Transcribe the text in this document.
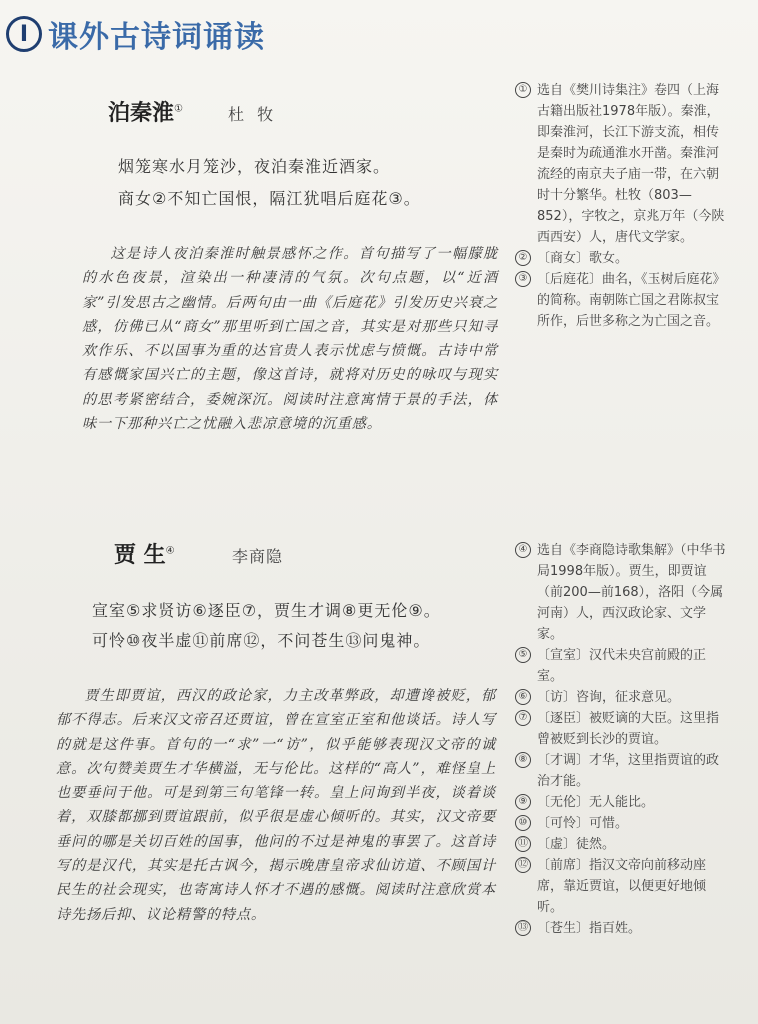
I 课外古诗词诵读
泊秦淮①	杜 牧
烟笼寒水月笼沙，夜泊秦淮近酒家。
商女②不知亡国恨，隔江犹唱后庭花③。
这是诗人夜泊秦淮时触景感怀之作。首句描写了一幅朦胧的水色夜景，渲染出一种凄清的气氛。次句点题，以“近酒家”引发思古之幽情。后两句由一曲《后庭花》引发历史兴衰之感，仿佛已从“商女”那里听到亡国之音，其实是对那些只知寻欢作乐、不以国事为重的达官贵人表示忧虑与愤慨。古诗中常有感慨家国兴亡的主题，像这首诗，就将对历史的咏叹与现实的思考紧密结合，委婉深沉。阅读时注意寓情于景的手法，体味一下那种兴亡之忧融入悲凉意境的沉重感。
① 选自《樊川诗集注》卷四（上海古籍出版社1978年版）。秦淮，即秦淮河，长江下游支流，相传是秦时为疏通淮水开凿。秦淮河流经的南京夫子庙一带，在六朝时十分繁华。杜牧（803—852），字牧之，京兆万年（今陕西西安）人，唐代文学家。
② 〔商女〕歌女。
③ 〔后庭花〕曲名，《玉树后庭花》的简称。南朝陈亡国之君陈叔宝所作，后世多称之为亡国之音。
贾 生④	李商隐
宣室⑤求贤访⑥逐臣⑦，贾生才调⑧更无伦⑨。
可怜⑩夜半虚⑪前席⑫，不问苍生⑬问鬼神。
贾生即贾谊，西汉的政论家，力主改革弊政，却遭谗被贬，郁郁不得志。后来汉文帝召还贾谊，曾在宣室正室和他谈话。诗人写的就是这件事。首句的一“求”一“访”，似乎能够表现汉文帝的诚意。次句赞美贾生才华横溢，无与伦比。这样的“高人”，难怪皇上也要垂问于他。可是到第三句笔锋一转。皇上问询到半夜，谈着谈着，双膝都挪到贾谊跟前，似乎很是虚心倾听的。其实，汉文帝要垂问的哪是关切百姓的国事，他问的不过是神鬼的事罢了。这首诗写的是汉代，其实是托古讽今，揭示晚唐皇帝求仙访道、不顾国计民生的社会现实，也寄寓诗人怀才不遇的感慨。阅读时注意欣赏本诗先扬后抑、议论精警的特点。
④ 选自《李商隐诗歌集解》（中华书局1998年版）。贾生，即贾谊（前200—前168），洛阳（今属河南）人，西汉政论家、文学家。
⑤ 〔宣室〕汉代未央宫前殿的正室。
⑥ 〔访〕咨询，征求意见。
⑦ 〔逐臣〕被贬谪的大臣。这里指曾被贬到长沙的贾谊。
⑧ 〔才调〕才华，这里指贾谊的政治才能。
⑨ 〔无伦〕无人能比。
⑩ 〔可怜〕可惜。
⑪ 〔虚〕徒然。
⑫ 〔前席〕指汉文帝向前移动座席，靠近贾谊，以便更好地倾听。
⑬ 〔苍生〕指百姓。
